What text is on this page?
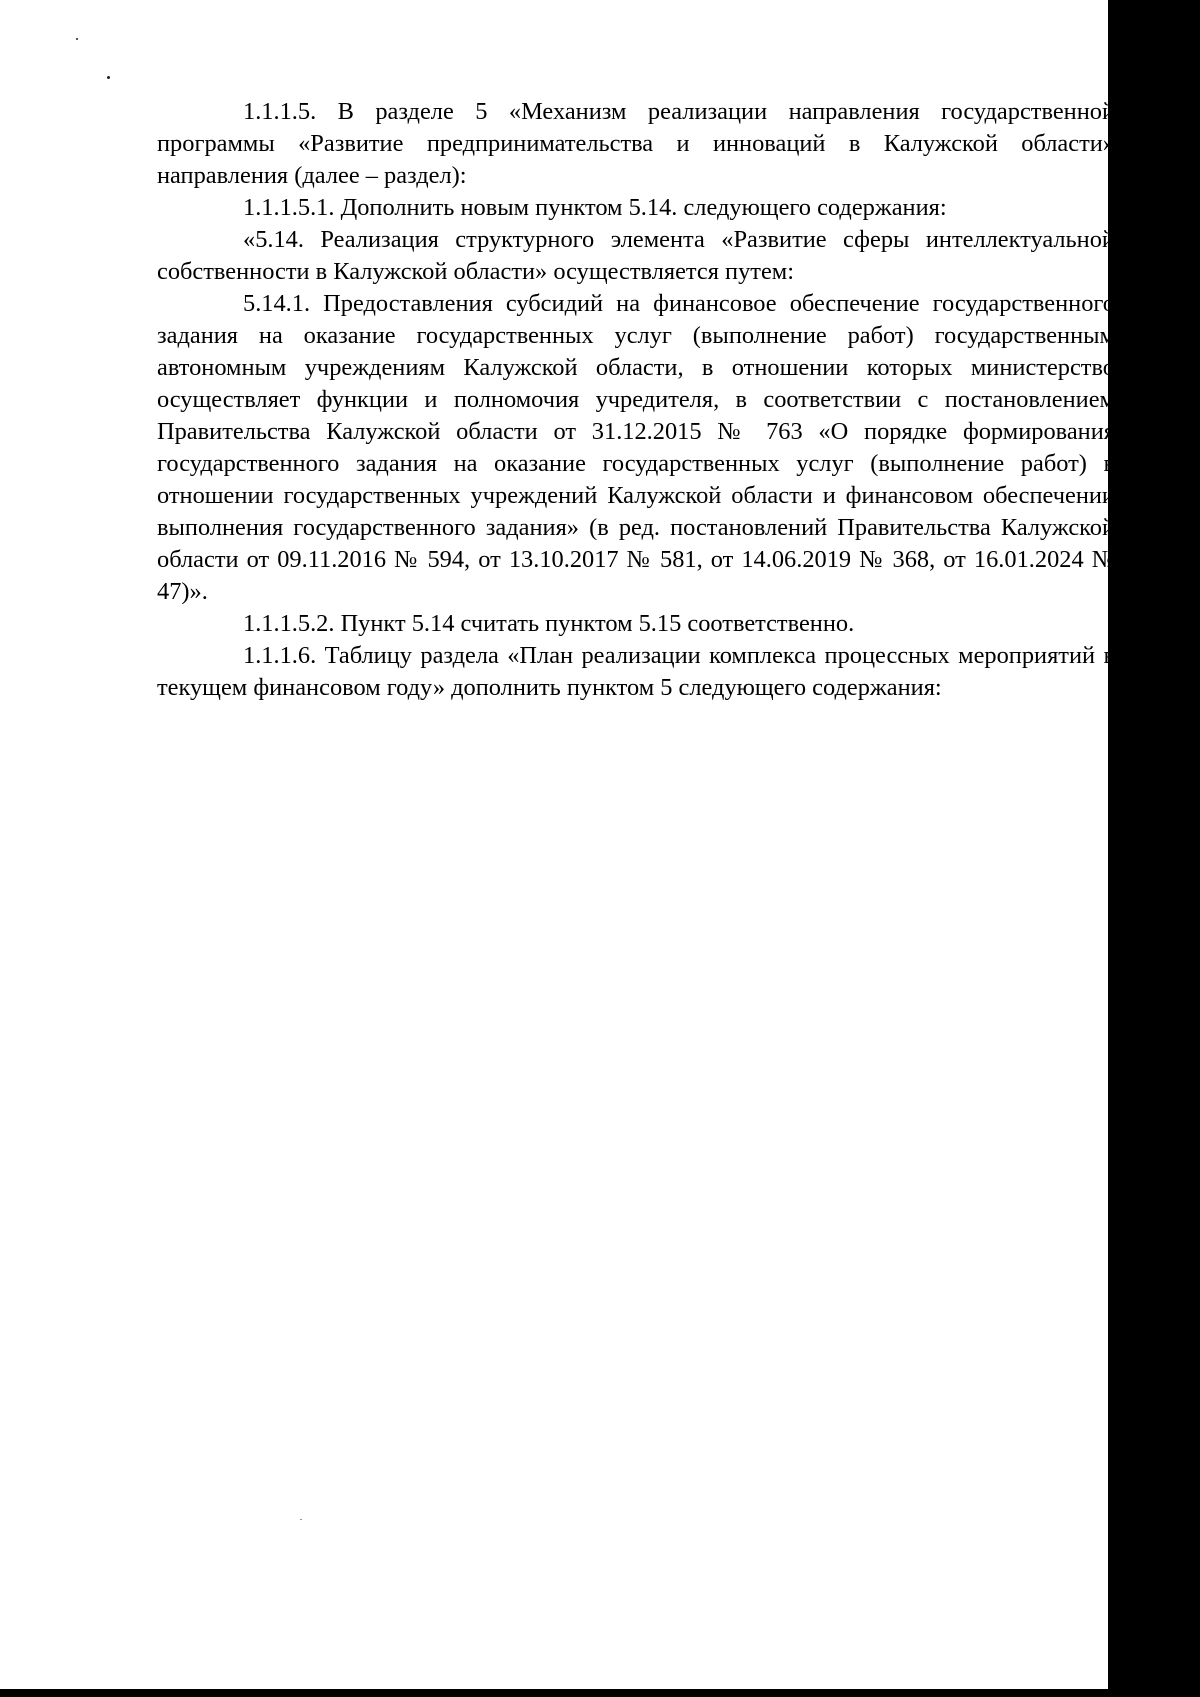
1.1.1.5. В разделе 5 «Механизм реализации направления государственной программы «Развитие предпринимательства и инноваций в Калужской области» направления (далее – раздел):

1.1.1.5.1. Дополнить новым пунктом 5.14. следующего содержания:

«5.14. Реализация структурного элемента «Развитие сферы интеллектуальной собственности в Калужской области» осуществляется путем:

5.14.1. Предоставления субсидий на финансовое обеспечение государственного задания на оказание государственных услуг (выполнение работ) государственным автономным учреждениям Калужской области, в отношении которых министерство осуществляет функции и полномочия учредителя, в соответствии с постановлением Правительства Калужской области от 31.12.2015 № 763 «О порядке формирования государственного задания на оказание государственных услуг (выполнение работ) в отношении государственных учреждений Калужской области и финансовом обеспечении выполнения государственного задания» (в ред. постановлений Правительства Калужской области от 09.11.2016 № 594, от 13.10.2017 № 581, от 14.06.2019 № 368, от 16.01.2024 № 47)».

1.1.1.5.2. Пункт 5.14 считать пунктом 5.15 соответственно.

1.1.1.6. Таблицу раздела «План реализации комплекса процессных мероприятий в текущем финансовом году» дополнить пунктом 5 следующего содержания:
